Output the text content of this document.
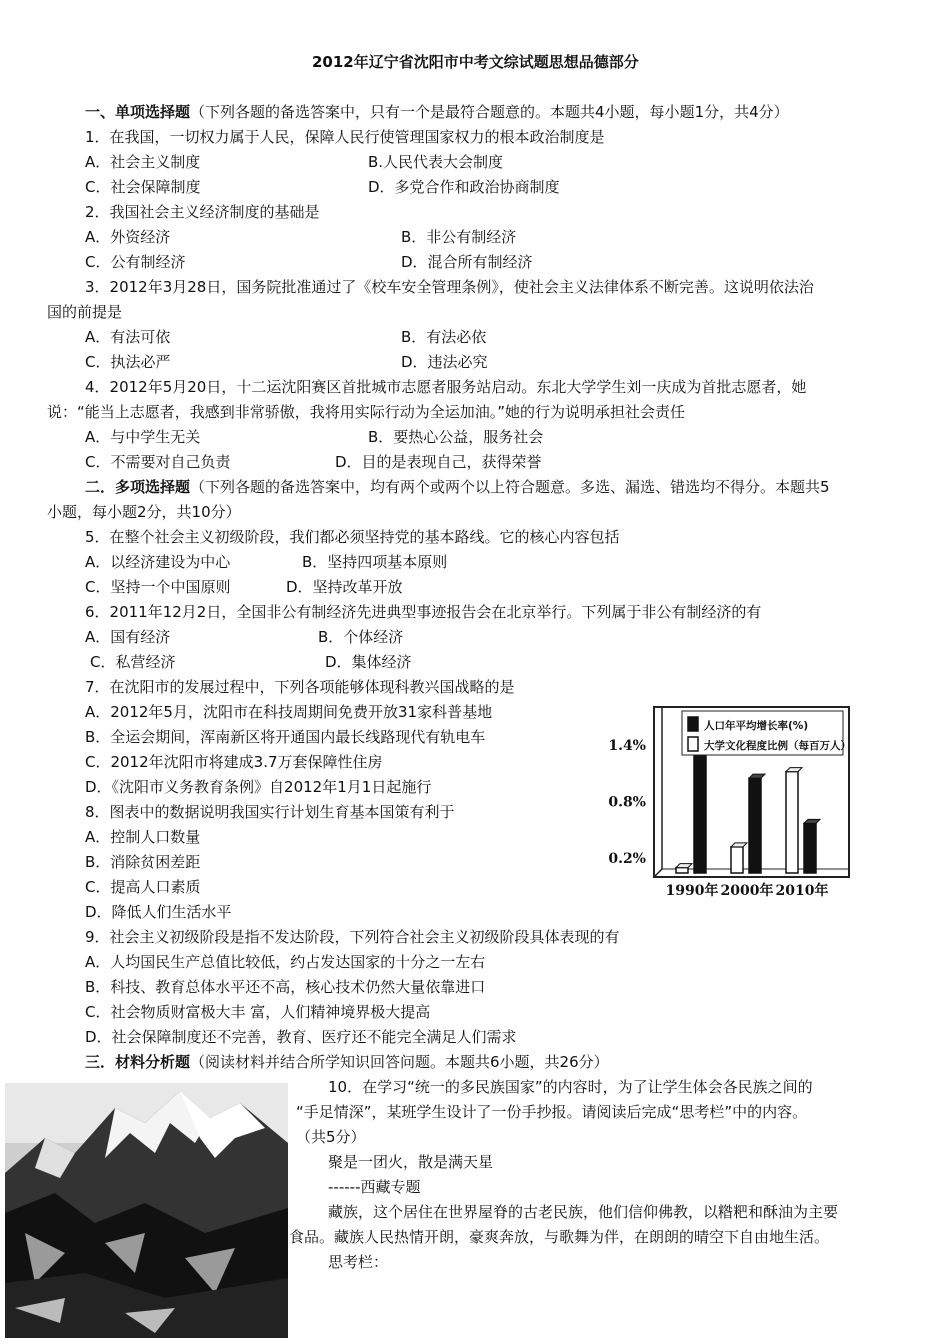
2012年辽宁省沈阳市中考文综试题思想品德部分
一、单项选择题（下列各题的备选答案中，只有一个是最符合题意的。本题共4小题，每小题1分，共4分）
1．在我国，一切权力属于人民，保障人民行使管理国家权力的根本政治制度是
A．社会主义制度	B.人民代表大会制度
C．社会保障制度	D．多党合作和政治协商制度
2．我国社会主义经济制度的基础是
A．外资经济	B．非公有制经济
C．公有制经济	D．混合所有制经济
3．2012年3月28日，国务院批准通过了《校车安全管理条例》，使社会主义法律体系不断完善。这说明依法治
国的前提是
A．有法可依	B．有法必依
C．执法必严	D．违法必究
4．2012年5月20日，十二运沈阳赛区首批城市志愿者服务站启动。东北大学学生刘一庆成为首批志愿者，她
说：“能当上志愿者，我感到非常骄傲，我将用实际行动为全运加油。”她的行为说明承担社会责任
A．与中学生无关	B．要热心公益，服务社会
C．不需要对自己负责	D．目的是表现自己，获得荣誉
二．多项选择题（下列各题的备选答案中，均有两个或两个以上符合题意。多选、漏选、错选均不得分。本题共5
小题，每小题2分，共10分）
5．在整个社会主义初级阶段，我们都必须坚持党的基本路线。它的核心内容包括
A．以经济建设为中心	B．坚持四项基本原则
C．坚持一个中国原则	D．坚持改革开放
6．2011年12月2日，全国非公有制经济先进典型事迹报告会在北京举行。下列属于非公有制经济的有
A．国有经济	B．个体经济
C．私营经济	D．集体经济
7．在沈阳市的发展过程中，下列各项能够体现科教兴国战略的是
A．2012年5月，沈阳市在科技周期间免费开放31家科普基地
B．全运会期间，浑南新区将开通国内最长线路现代有轨电车
C．2012年沈阳市将建成3.7万套保障性住房
D．《沈阳市义务教育条例》自2012年1月1日起施行
8．图表中的数据说明我国实行计划生育基本国策有利于
A．控制人口数量
B．消除贫困差距
C．提高人口素质
D．降低人们生活水平
9．社会主义初级阶段是指不发达阶段，下列符合社会主义初级阶段具体表现的有
A．人均国民生产总值比较低，约占发达国家的十分之一左右
B．科技、教育总体水平还不高，核心技术仍然大量依靠进口
C．社会物质财富极大丰 富，人们精神境界极大提高
D．社会保障制度还不完善，教育、医疗还不能完全满足人们需求
三．材料分析题（阅读材料并结合所学知识回答问题。本题共6小题，共26分）
10．在学习“统一的多民族国家”的内容时，为了让学生体会各民族之间的
“手足情深”，某班学生设计了一份手抄报。请阅读后完成“思考栏”中的内容。
（共5分）
聚是一团火，散是满天星
------西藏专题
藏族，这个居住在世界屋脊的古老民族，他们信仰佛教，以糌粑和酥油为主要
食品。藏族人民热情开朗，豪爽奔放，与歌舞为伴，在朗朗的晴空下自由地生活。
思考栏：
1.4%
0.8%
0.2%
1990年 2000年 2010年
人口年平均增长率(%)
大学文化程度比例（每百万人）
